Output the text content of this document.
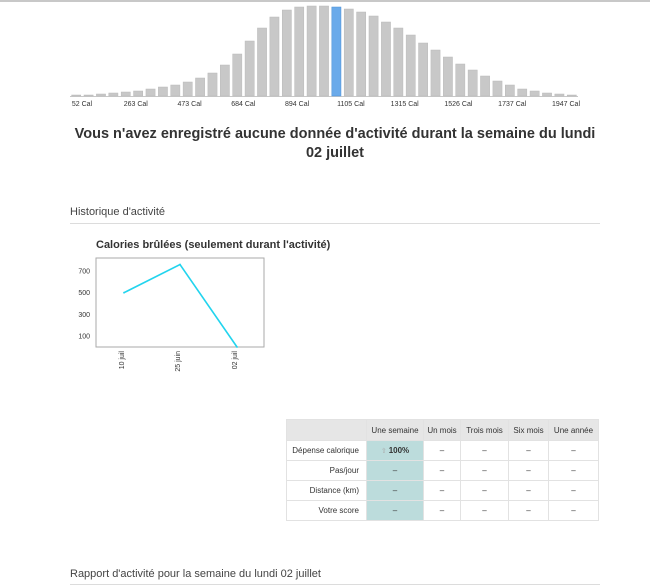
52 Cal	263 Cal	473 Cal	684 Cal	894 Cal	1105 Cal	1315 Cal	1526 Cal	1737 Cal	1947 Cal
Vous n'avez enregistré aucune donnée d'activité durant la semaine du lundi 02 juillet
Historique d'activité
Calories brûlées (seulement durant l'activité)
100
300
500
700
10 juil	25 juin	02 juil
	Une semaine	Un mois	Trois mois	Six mois	Une année
Dépense calorique	⇧ 100%	–	–	–	–
Pas/jour	–	–	–	–	–
Distance (km)	–	–	–	–	–
Votre score	–	–	–	–	–
Rapport d'activité pour la semaine du lundi 02 juillet
